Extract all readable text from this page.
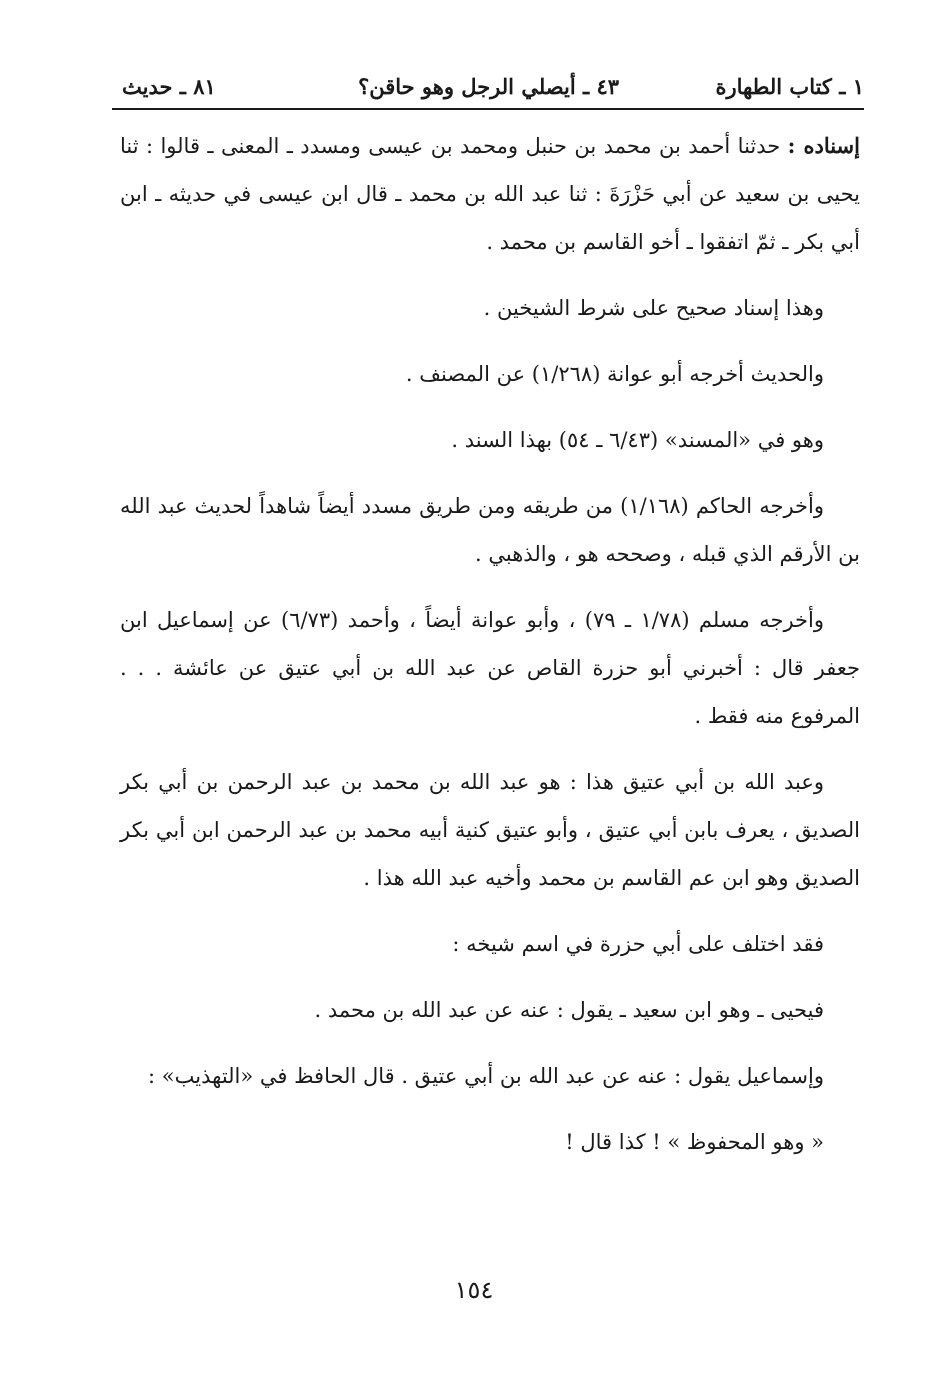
١ ـ كتاب الطهارة
٤٣ ـ أيصلي الرجل وهو حاقن؟
٨١ ـ حديث

إسناده : حدثنا أحمد بن محمد بن حنبل ومحمد بن عيسى ومسدد ـ المعنى ـ قالوا : ثنا يحيى بن سعيد عن أبي حَزْرَةَ : ثنا عبد الله بن محمد ـ قال ابن عيسى في حديثه ـ ابن أبي بكر ـ ثمّ اتفقوا ـ أخو القاسم بن محمد .

وهذا إسناد صحيح على شرط الشيخين .

والحديث أخرجه أبو عوانة (١/٢٦٨) عن المصنف .

وهو في «المسند» (٦/٤٣ ـ ٥٤) بهذا السند .

وأخرجه الحاكم (١/١٦٨) من طريقه ومن طريق مسدد أيضاً شاهداً لحديث عبد الله بن الأرقم الذي قبله ، وصححه هو ، والذهبي .

وأخرجه مسلم (١/٧٨ ـ ٧٩) ، وأبو عوانة أيضاً ، وأحمد (٦/٧٣) عن إسماعيل ابن جعفر قال : أخبرني أبو حزرة القاص عن عبد الله بن أبي عتيق عن عائشة . . . المرفوع منه فقط .

وعبد الله بن أبي عتيق هذا : هو عبد الله بن محمد بن عبد الرحمن بن أبي بكر الصديق ، يعرف بابن أبي عتيق ، وأبو عتيق كنية أبيه محمد بن عبد الرحمن ابن أبي بكر الصديق وهو ابن عم القاسم بن محمد وأخيه عبد الله هذا .

فقد اختلف على أبي حزرة في اسم شيخه :

فيحيى ـ وهو ابن سعيد ـ يقول : عنه عن عبد الله بن محمد .

وإسماعيل يقول : عنه عن عبد الله بن أبي عتيق . قال الحافظ في «التهذيب» :

« وهو المحفوظ » ! كذا قال !

١٥٤
